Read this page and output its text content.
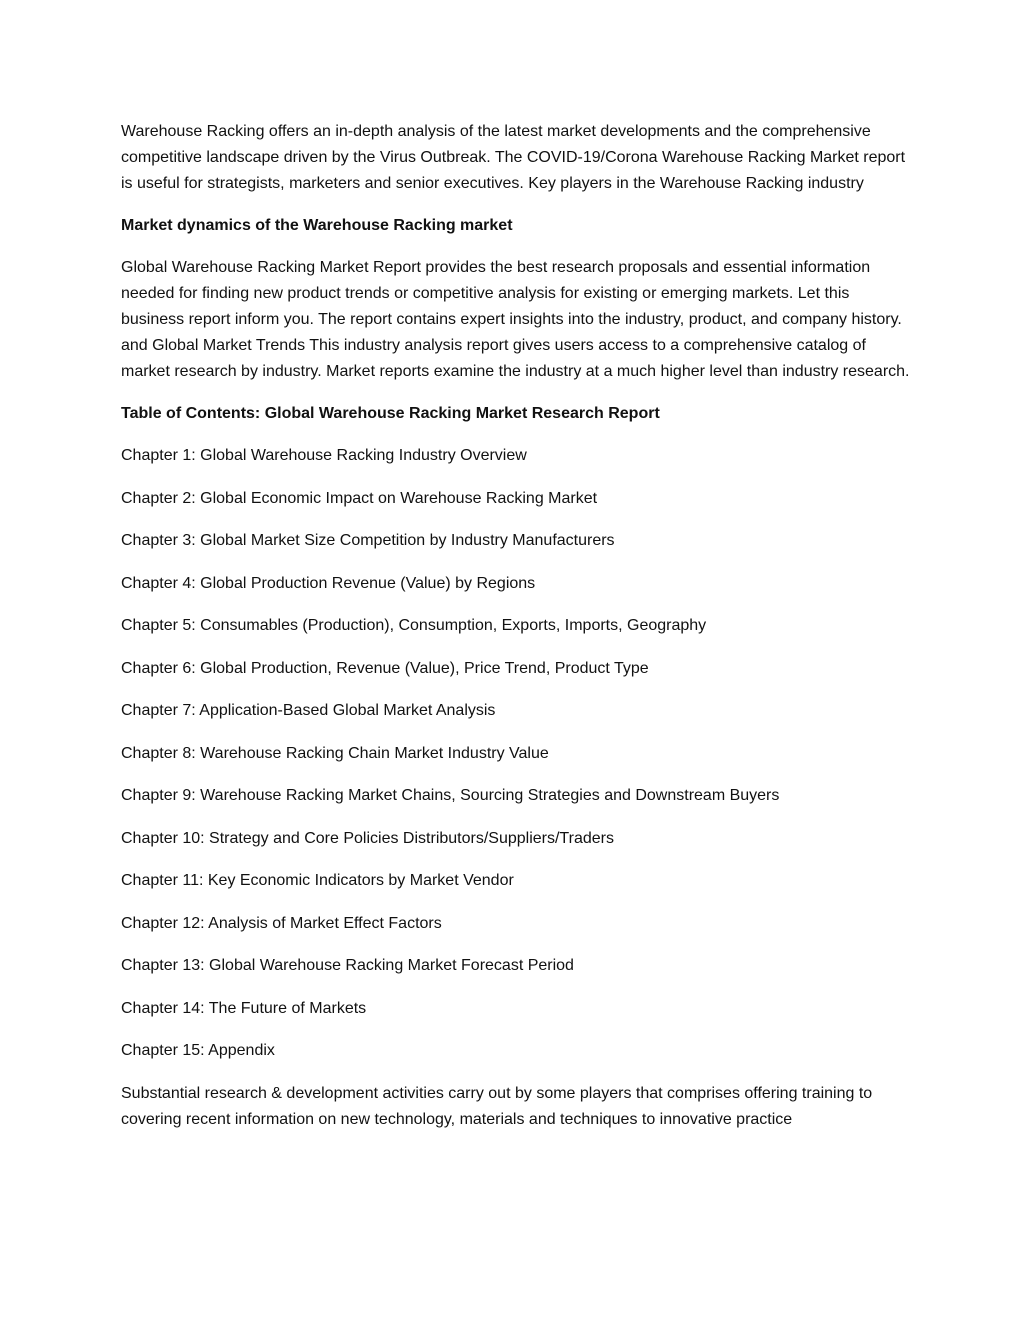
Warehouse Racking offers an in-depth analysis of the latest market developments and the comprehensive competitive landscape driven by the Virus Outbreak. The COVID-19/Corona Warehouse Racking Market report is useful for strategists, marketers and senior executives. Key players in the Warehouse Racking industry

Market dynamics of the Warehouse Racking market

Global Warehouse Racking Market Report provides the best research proposals and essential information needed for finding new product trends or competitive analysis for existing or emerging markets. Let this business report inform you. The report contains expert insights into the industry, product, and company history. and Global Market Trends This industry analysis report gives users access to a comprehensive catalog of market research by industry. Market reports examine the industry at a much higher level than industry research.

Table of Contents: Global Warehouse Racking Market Research Report

Chapter 1: Global Warehouse Racking Industry Overview
Chapter 2: Global Economic Impact on Warehouse Racking Market
Chapter 3: Global Market Size Competition by Industry Manufacturers
Chapter 4: Global Production Revenue (Value) by Regions
Chapter 5: Consumables (Production), Consumption, Exports, Imports, Geography
Chapter 6: Global Production, Revenue (Value), Price Trend, Product Type
Chapter 7: Application-Based Global Market Analysis
Chapter 8: Warehouse Racking Chain Market Industry Value
Chapter 9: Warehouse Racking Market Chains, Sourcing Strategies and Downstream Buyers
Chapter 10: Strategy and Core Policies Distributors/Suppliers/Traders
Chapter 11: Key Economic Indicators by Market Vendor
Chapter 12: Analysis of Market Effect Factors
Chapter 13: Global Warehouse Racking Market Forecast Period
Chapter 14: The Future of Markets
Chapter 15: Appendix

Substantial research & development activities carry out by some players that comprises offering training to covering recent information on new technology, materials and techniques to innovative practice
